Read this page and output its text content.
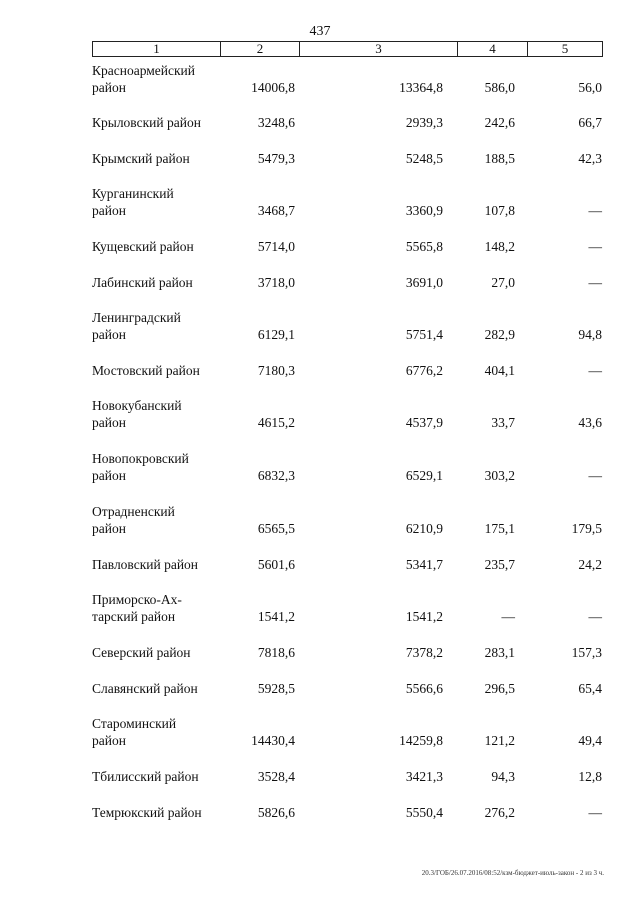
437
1	2	3	4	5
Красноармейский
район	14006,8	13364,8	586,0	56,0
Крыловский район	3248,6	2939,3	242,6	66,7
Крымский район	5479,3	5248,5	188,5	42,3
Курганинский
район	3468,7	3360,9	107,8	—
Кущевский район	5714,0	5565,8	148,2	—
Лабинский район	3718,0	3691,0	27,0	—
Ленинградский
район	6129,1	5751,4	282,9	94,8
Мостовский район	7180,3	6776,2	404,1	—
Новокубанский
район	4615,2	4537,9	33,7	43,6
Новопокровский
район	6832,3	6529,1	303,2	—
Отрадненский
район	6565,5	6210,9	175,1	179,5
Павловский район	5601,6	5341,7	235,7	24,2
Приморско-Ах-
тарский район	1541,2	1541,2	—	—
Северский район	7818,6	7378,2	283,1	157,3
Славянский район	5928,5	5566,6	296,5	65,4
Староминский
район	14430,4	14259,8	121,2	49,4
Тбилисский район	3528,4	3421,3	94,3	12,8
Темрюкский район	5826,6	5550,4	276,2	—
20.3/ГОБ/26.07.2016/08:52/кзм-бюджет-июль-закон - 2 из 3 ч.
